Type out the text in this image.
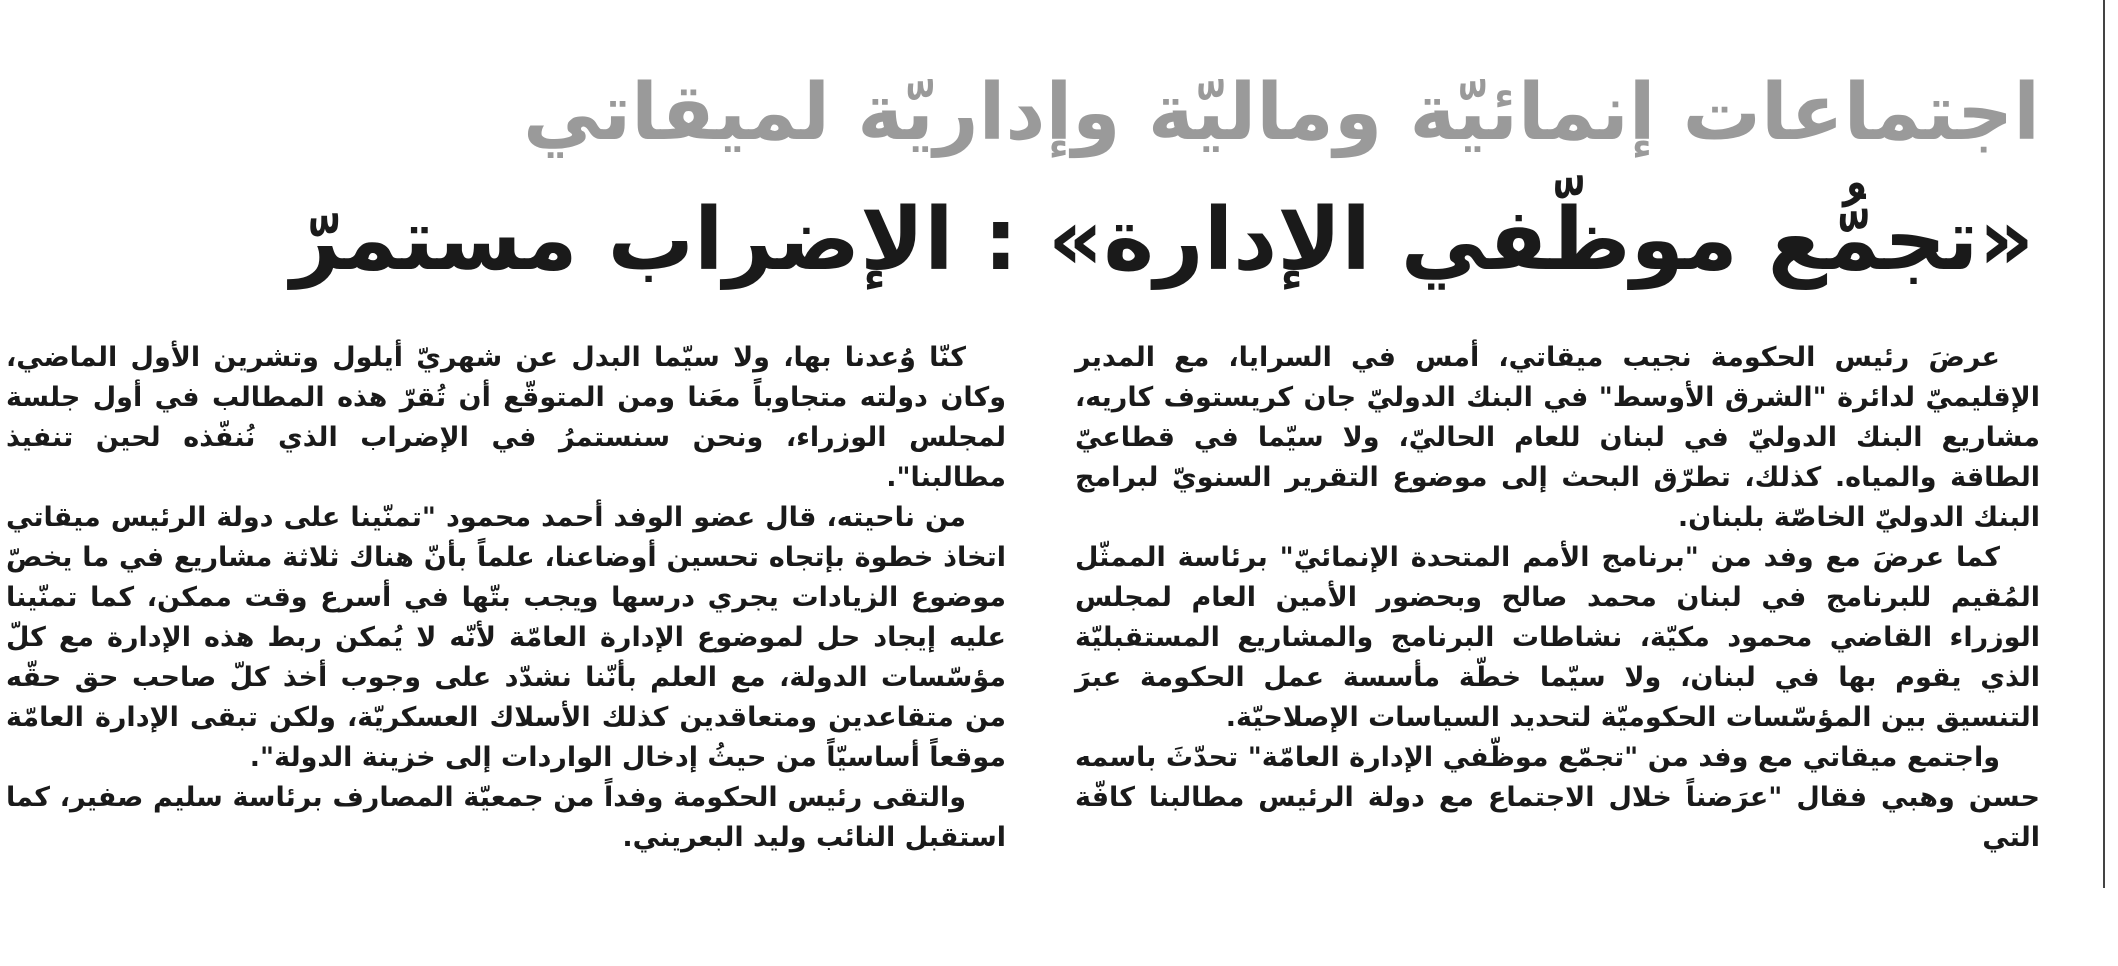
اجتماعات إنمائيّة وماليّة وإداريّة لميقاتي
«تجمُّع موظّفي الإدارة» : الإضراب مستمرّ

عرضَ رئيس الحكومة نجيب ميقاتي، أمس في السرايا، مع المدير الإقليميّ لدائرة "الشرق الأوسط" في البنك الدوليّ جان كريستوف كاريه، مشاريع البنك الدوليّ في لبنان للعام الحاليّ، ولا سيّما في قطاعيّ الطاقة والمياه. كذلك، تطرّق البحث إلى موضوع التقرير السنويّ لبرامج البنك الدوليّ الخاصّة بلبنان.

كما عرضَ مع وفد من "برنامج الأمم المتحدة الإنمائيّ" برئاسة الممثّل المُقيم للبرنامج في لبنان محمد صالح وبحضور الأمين العام لمجلس الوزراء القاضي محمود مكيّة، نشاطات البرنامج والمشاريع المستقبليّة الذي يقوم بها في لبنان، ولا سيّما خطّة مأسسة عمل الحكومة عبرَ التنسيق بين المؤسّسات الحكوميّة لتحديد السياسات الإصلاحيّة.

واجتمع ميقاتي مع وفد من "تجمّع موظّفي الإدارة العامّة" تحدّثَ باسمه حسن وهبي فقال "عرَضناً خلال الاجتماع مع دولة الرئيس مطالبنا كافّة التي

كنّا وُعدنا بها، ولا سيّما البدل عن شهريّ أيلول وتشرين الأول الماضي، وكان دولته متجاوباً معَنا ومن المتوقّع أن تُقرّ هذه المطالب في أول جلسة لمجلس الوزراء، ونحن سنستمرُ في الإضراب الذي نُنفّذه لحين تنفيذ مطالبنا".

من ناحيته، قال عضو الوفد أحمد محمود "تمنّينا على دولة الرئيس ميقاتي اتخاذ خطوة بإتجاه تحسين أوضاعنا، علماً بأنّ هناك ثلاثة مشاريع في ما يخصّ موضوع الزيادات يجري درسها ويجب بتّها في أسرع وقت ممكن، كما تمنّينا عليه إيجاد حل لموضوع الإدارة العامّة لأنّه لا يُمكن ربط هذه الإدارة مع كلّ مؤسّسات الدولة، مع العلم بأنّنا نشدّد على وجوب أخذ كلّ صاحب حق حقّه من متقاعدين ومتعاقدين كذلك الأسلاك العسكريّة، ولكن تبقى الإدارة العامّة موقعاً أساسيّاً من حيثُ إدخال الواردات إلى خزينة الدولة".

والتقى رئيس الحكومة وفداً من جمعيّة المصارف برئاسة سليم صفير، كما استقبل النائب وليد البعريني.
